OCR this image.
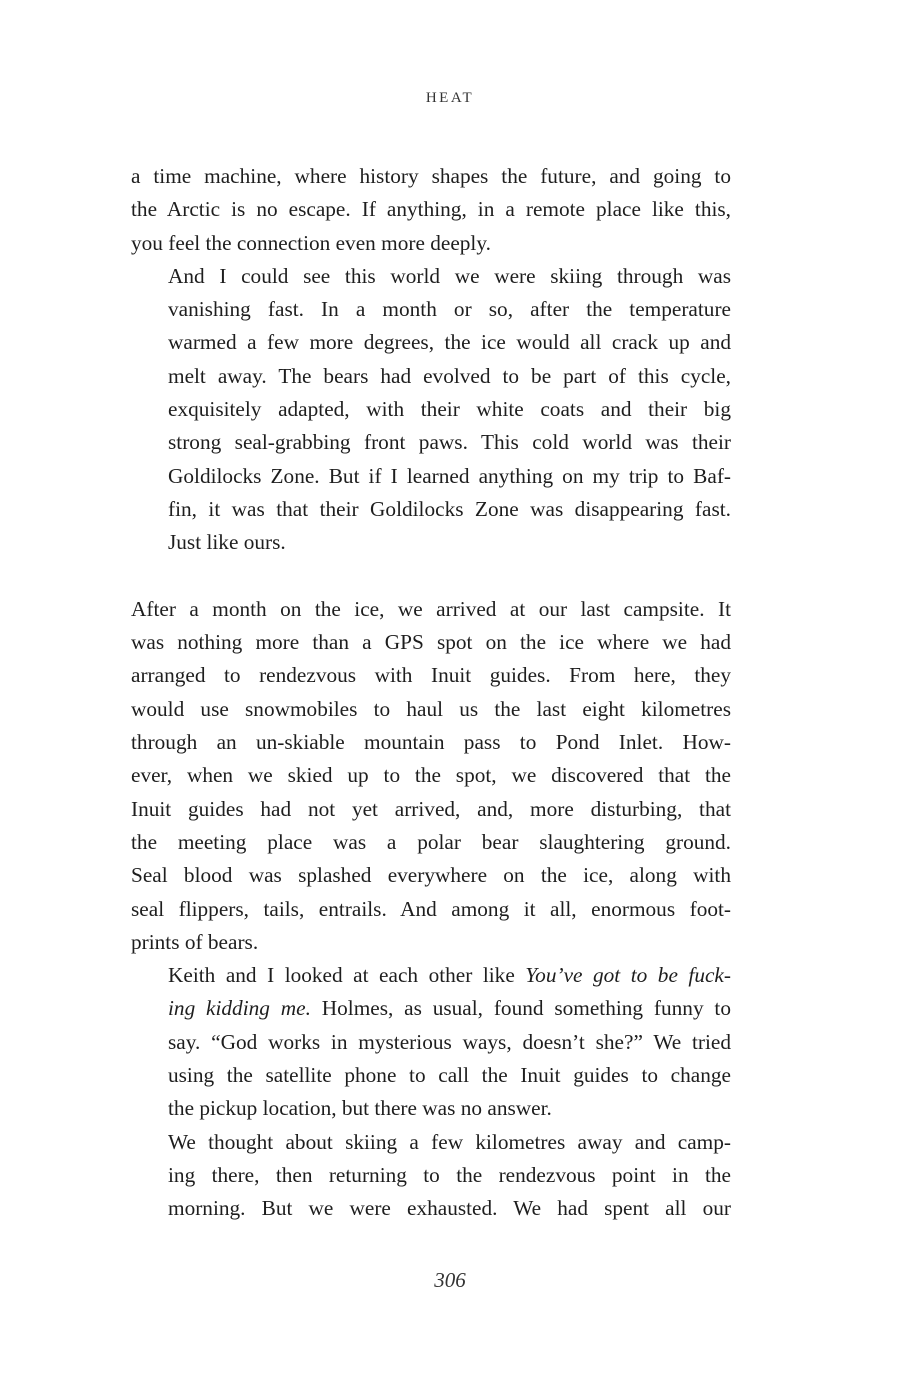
HEAT

a time machine, where history shapes the future, and going to
the Arctic is no escape. If anything, in a remote place like this,
you feel the connection even more deeply.

And I could see this world we were skiing through was
vanishing fast. In a month or so, after the temperature
warmed a few more degrees, the ice would all crack up and
melt away. The bears had evolved to be part of this cycle,
exquisitely adapted, with their white coats and their big
strong seal-grabbing front paws. This cold world was their
Goldilocks Zone. But if I learned anything on my trip to Baf-
fin, it was that their Goldilocks Zone was disappearing fast.
Just like ours.

After a month on the ice, we arrived at our last campsite. It
was nothing more than a GPS spot on the ice where we had
arranged to rendezvous with Inuit guides. From here, they
would use snowmobiles to haul us the last eight kilometres
through an un-skiable mountain pass to Pond Inlet. How-
ever, when we skied up to the spot, we discovered that the
Inuit guides had not yet arrived, and, more disturbing, that
the meeting place was a polar bear slaughtering ground.
Seal blood was splashed everywhere on the ice, along with
seal flippers, tails, entrails. And among it all, enormous foot-
prints of bears.

Keith and I looked at each other like You’ve got to be fuck-
ing kidding me. Holmes, as usual, found something funny to
say. “God works in mysterious ways, doesn’t she?” We tried
using the satellite phone to call the Inuit guides to change
the pickup location, but there was no answer.

We thought about skiing a few kilometres away and camp-
ing there, then returning to the rendezvous point in the
morning. But we were exhausted. We had spent all our

306
